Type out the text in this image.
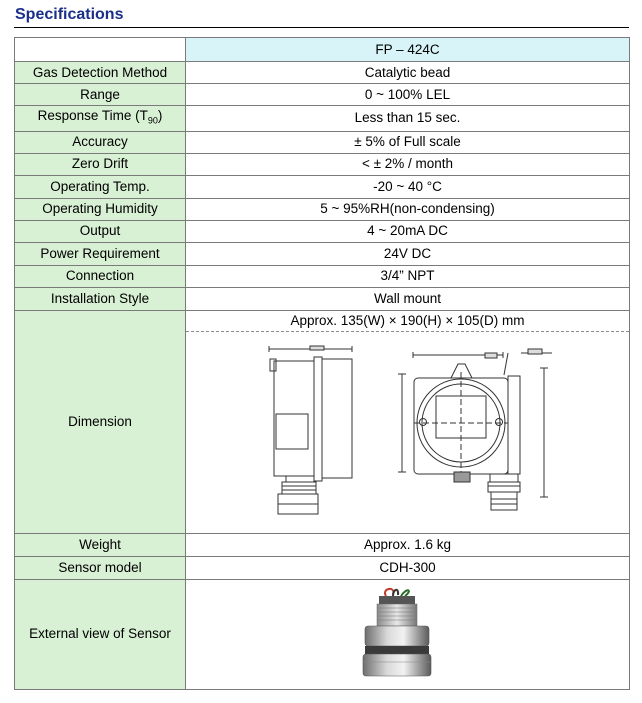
Specifications
	FP – 424C
Gas Detection Method	Catalytic bead
Range	0 ~ 100% LEL
Response Time $(T_{90})$	Less than 15 sec.
Accuracy	± 5% of Full scale
Zero Drift	< ± 2% / month
Operating Temp.	-20 ~ 40 °C
Operating Humidity	5 ~ 95%RH(non-condensing)
Output	4 ~ 20mA DC
Power Requirement	24V DC
Connection	3/4” NPT
Installation Style	Wall mount
Dimension	Approx. 135(W) × 190(H) × 105(D) mm

Weight	Approx. 1.6 kg
Sensor model	CDH-300
External view of Sensor	
